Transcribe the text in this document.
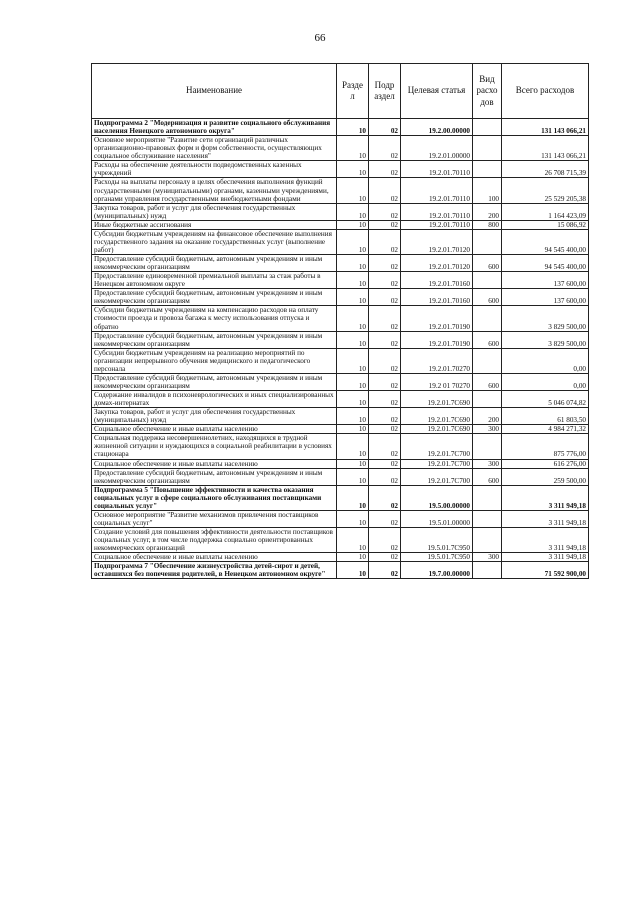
66
Наименование	Разде л	Подр аздел	Целевая статья	Вид расхо дов	Всего расходов
Подпрограмма 2 "Модернизация и развитие социального обслуживания населения Ненецкого автономного округа"	10	02	19.2.00.00000		131 143 066,21
Основное мероприятие "Развитие сети организаций различных организационно-правовых форм и форм собственности, осуществляющих социальное обслуживание населения"	10	02	19.2.01.00000		131 143 066,21
Расходы на обеспечение деятельности подведомственных казенных учреждений	10	02	19.2.01.70110		26 708 715,39
Расходы на выплаты персоналу в целях обеспечения выполнения функций государственными (муниципальными) органами, казенными учреждениями, органами управления государственными внебюджетными фондами	10	02	19.2.01.70110	100	25 529 205,38
Закупка товаров, работ и услуг для обеспечения государственных (муниципальных) нужд	10	02	19.2.01.70110	200	1 164 423,09
Иные бюджетные ассигнования	10	02	19.2.01.70110	800	15 086,92
Субсидии бюджетным учреждениям на финансовое обеспечение выполнения государственного задания на оказание государственных услуг (выполнение работ)	10	02	19.2.01.70120		94 545 400,00
Предоставление субсидий бюджетным, автономным учреждениям и иным некоммерческим организациям	10	02	19.2.01.70120	600	94 545 400,00
Предоставление единовременной премиальной выплаты за стаж работы в Ненецком автономном округе	10	02	19.2.01.70160		137 600,00
Предоставление субсидий бюджетным, автономным учреждениям и иным некоммерческим организациям	10	02	19.2.01.70160	600	137 600,00
Субсидии бюджетным учреждениям на компенсацию расходов на оплату стоимости проезда и провоза багажа к месту использования отпуска и обратно	10	02	19.2.01.70190		3 829 500,00
Предоставление субсидий бюджетным, автономным учреждениям и иным некоммерческим организациям	10	02	19.2.01.70190	600	3 829 500,00
Субсидии бюджетным учреждениям на реализацию мероприятий по организации непрерывного обучения медицинского и педагогического персонала	10	02	19.2.01.70270		0,00
Предоставление субсидий бюджетным, автономным учреждениям и иным некоммерческим организациям	10	02	19.2 01 70270	600	0,00
Содержание инвалидов в психоневрологических и иных специализированных домах-интернатах	10	02	19.2.01.7С690		5 046 074,82
Закупка товаров, работ и услуг для обеспечения государственных (муниципальных) нужд	10	02	19.2.01.7С690	200	61 803,50
Социальное обеспечение и иные выплаты населению	10	02	19.2.01.7С690	300	4 984 271,32
Социальная поддержка несовершеннолетних, находящихся в трудной жизненной ситуации и нуждающихся в социальной реабилитации в условиях стационара	10	02	19.2.01.7С700		875 776,00
Социальное обеспечение и иные выплаты населению	10	02	19.2.01.7С700	300	616 276,00
Предоставление субсидий бюджетным, автономным учреждениям и иным некоммерческим организациям	10	02	19.2.01.7С700	600	259 500,00
Подпрограмма 5 "Повышение эффективности и качества оказания социальных услуг в сфере социального обслуживания поставщиками социальных услуг"	10	02	19.5.00.00000		3 311 949,18
Основное мероприятие "Развитие механизмов привлечения поставщиков социальных услуг"	10	02	19.5.01.00000		3 311 949,18
Создание условий для повышения эффективности деятельности поставщиков социальных услуг, в том числе поддержка социально ориентированных некоммерческих организаций	10	02	19.5.01.7С950		3 311 949,18
Социальное обеспечение и иные выплаты населению	10	02	19.5.01.7С950	300	3 311 949,18
Подпрограмма 7 "Обеспечение жизнеустройства детей-сирот и детей, оставшихся без попечения родителей, в Ненецком автономном округе"	10	02	19.7.00.00000		71 592 900,00
